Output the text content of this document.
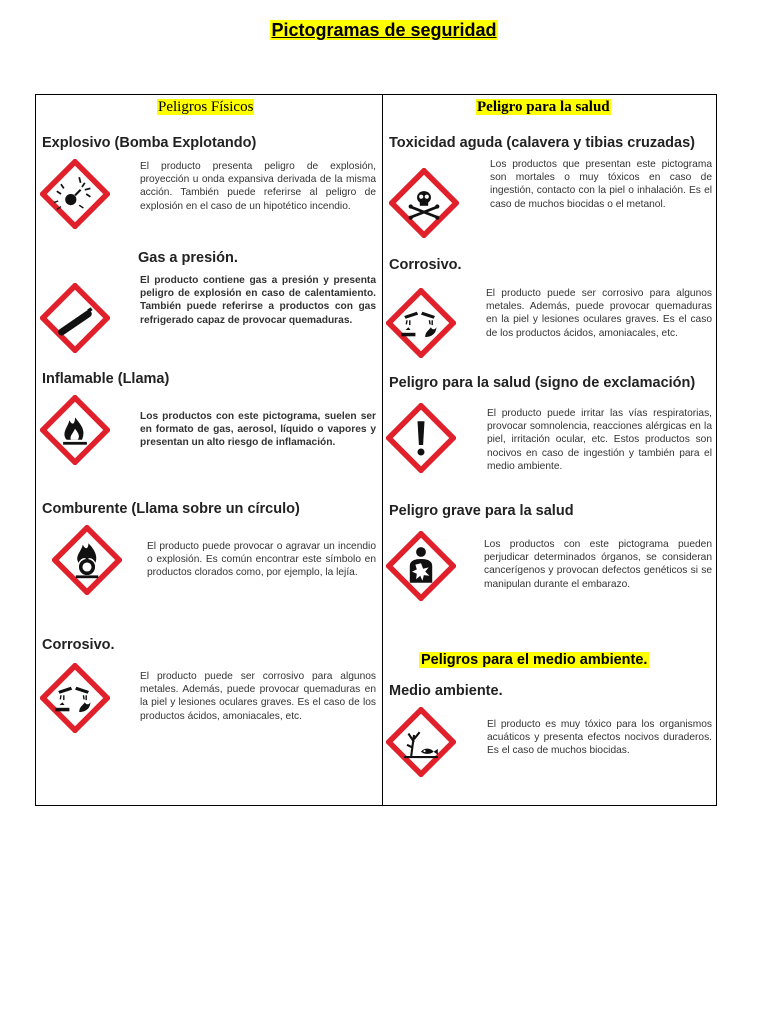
Pictogramas de seguridad
Peligros Físicos	Peligro para la salud
Explosivo (Bomba Explotando)
El producto presenta peligro de explosión, proyección u onda expansiva derivada de la misma acción. También puede referirse al peligro de explosión en el caso de un hipotético incendio.
Gas a presión.
El producto contiene gas a presión y presenta peligro de explosión en caso de calentamiento. También puede referirse a productos con gas refrigerado capaz de provocar quemaduras.
Inflamable (Llama)
Los productos con este pictograma, suelen ser en formato de gas, aerosol, líquido o vapores y presentan un alto riesgo de inflamación.
Comburente (Llama sobre un círculo)
El producto puede provocar o agravar un incendio o explosión. Es común encontrar este símbolo en productos clorados como, por ejemplo, la lejía.
Corrosivo.
El producto puede ser corrosivo para algunos metales. Además, puede provocar quemaduras en la piel y lesiones oculares graves. Es el caso de los productos ácidos, amoniacales, etc.
Toxicidad aguda (calavera y tibias cruzadas)
Los productos que presentan este pictograma son mortales o muy tóxicos en caso de ingestión, contacto con la piel o inhalación. Es el caso de muchos biocidas o el metanol.
Corrosivo.
El producto puede ser corrosivo para algunos metales. Además, puede provocar quemaduras en la piel y lesiones oculares graves. Es el caso de los productos ácidos, amoniacales, etc.
Peligro para la salud (signo de exclamación)
El producto puede irritar las vías respiratorias, provocar somnolencia, reacciones alérgicas en la piel, irritación ocular, etc. Estos productos son nocivos en caso de ingestión y también para el medio ambiente.
Peligro grave para la salud
Los productos con este pictograma pueden perjudicar determinados órganos, se consideran cancerígenos y provocan defectos genéticos si se manipulan durante el embarazo.
Peligros para el medio ambiente.
Medio ambiente.
El producto es muy tóxico para los organismos acuáticos y presenta efectos nocivos duraderos. Es el caso de muchos biocidas.
